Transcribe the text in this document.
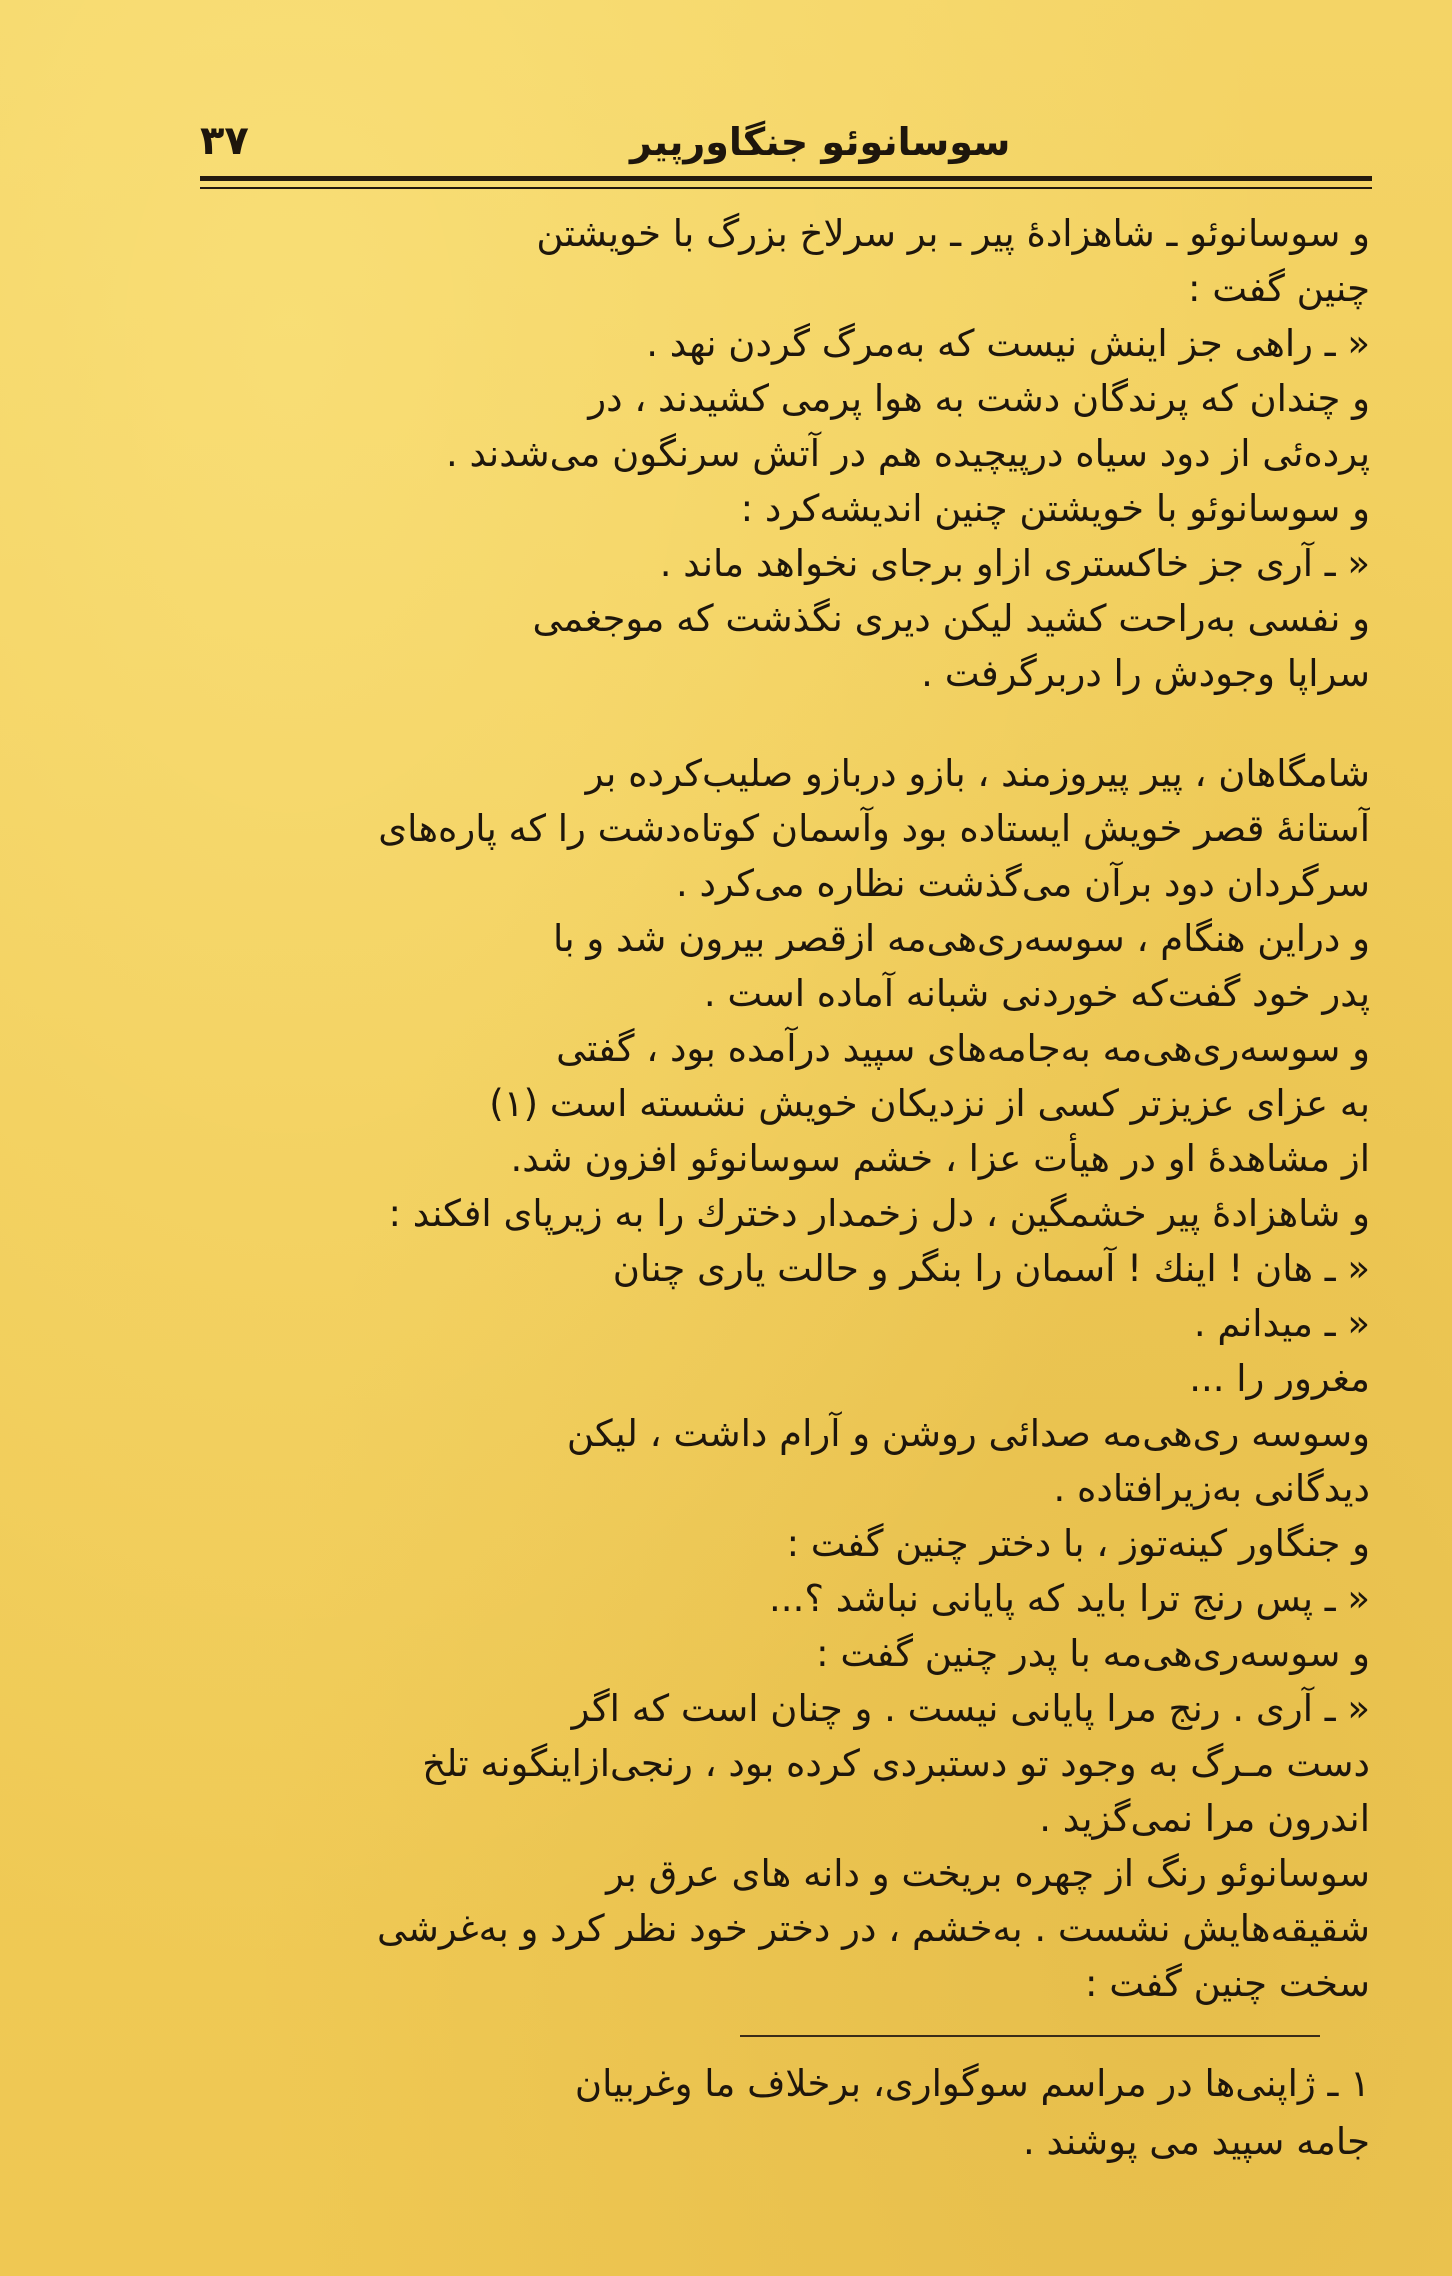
۳۷	سوسانوئو جنگاورپیر
و سوسانوئو ـ شاهزادهٔ پیر ـ بر سرلاخ بزرگ با خویشتن
چنین گفت :
« ـ راهی جز اینش نیست که به‌مرگ گردن نهد .
و چندان که پرندگان دشت به هوا پرمی کشیدند ، در
پرده‌ئی از دود سیاه درپیچیده هم در آتش سرنگون می‌شدند .
و سوسانوئو با خویشتن چنین اندیشه‌کرد :
« ـ آری جز خاکستری ازاو برجای نخواهد ماند .
و نفسی به‌راحت کشید لیکن دیری نگذشت که موجغمی
سراپا وجودش را دربرگرفت .
شامگاهان ، پیر پیروزمند ، بازو دربازو صلیب‌کرده بر
آستانهٔ قصر خویش ایستاده بود وآسمان کوتاه‌دشت را که پاره‌های
سرگردان دود برآن می‌گذشت نظاره می‌کرد .
و دراین هنگام ، سوسه‌ری‌هی‌مه ازقصر بیرون شد و با
پدر خود گفت‌که خوردنی شبانه آماده است .
و سوسه‌ری‌هی‌مه به‌جامه‌های سپید درآمده بود ، گفتی
به عزای عزیزتر کسی از نزدیکان خویش نشسته است (۱)
از مشاهدهٔ او در هیأت عزا ، خشم سوسانوئو افزون شد.
و شاهزادهٔ پیر خشمگین ، دل زخمدار دخترك را به زیرپای افکند :
« ـ هان ! اینك ! آسمان را بنگر و حالت یاری چنان
« ـ میدانم .
مغرور را ...
وسوسه ری‌هی‌مه صدائی روشن و آرام داشت ، لیکن
دیدگانی به‌زیرافتاده .
و جنگاور کینه‌توز ، با دختر چنین گفت :
« ـ پس رنج ترا باید که پایانی نباشد ؟...
و سوسه‌ری‌هی‌مه با پدر چنین گفت :
« ـ آری . رنج مرا پایانی نیست . و چنان است که اگر
دست مـرگ به وجود تو دستبردی کرده بود ، رنجی‌ازاینگونه تلخ
اندرون مرا نمی‌گزید .
سوسانوئو رنگ از چهره بریخت و دانه های عرق بر
شقیقه‌هایش نشست . به‌خشم ، در دختر خود نظر کرد و به‌غرشی
سخت چنین گفت :
۱ ـ ژاپنی‌ها در مراسم سوگواری، برخلاف ما وغربیان
جامه سپید می پوشند .
